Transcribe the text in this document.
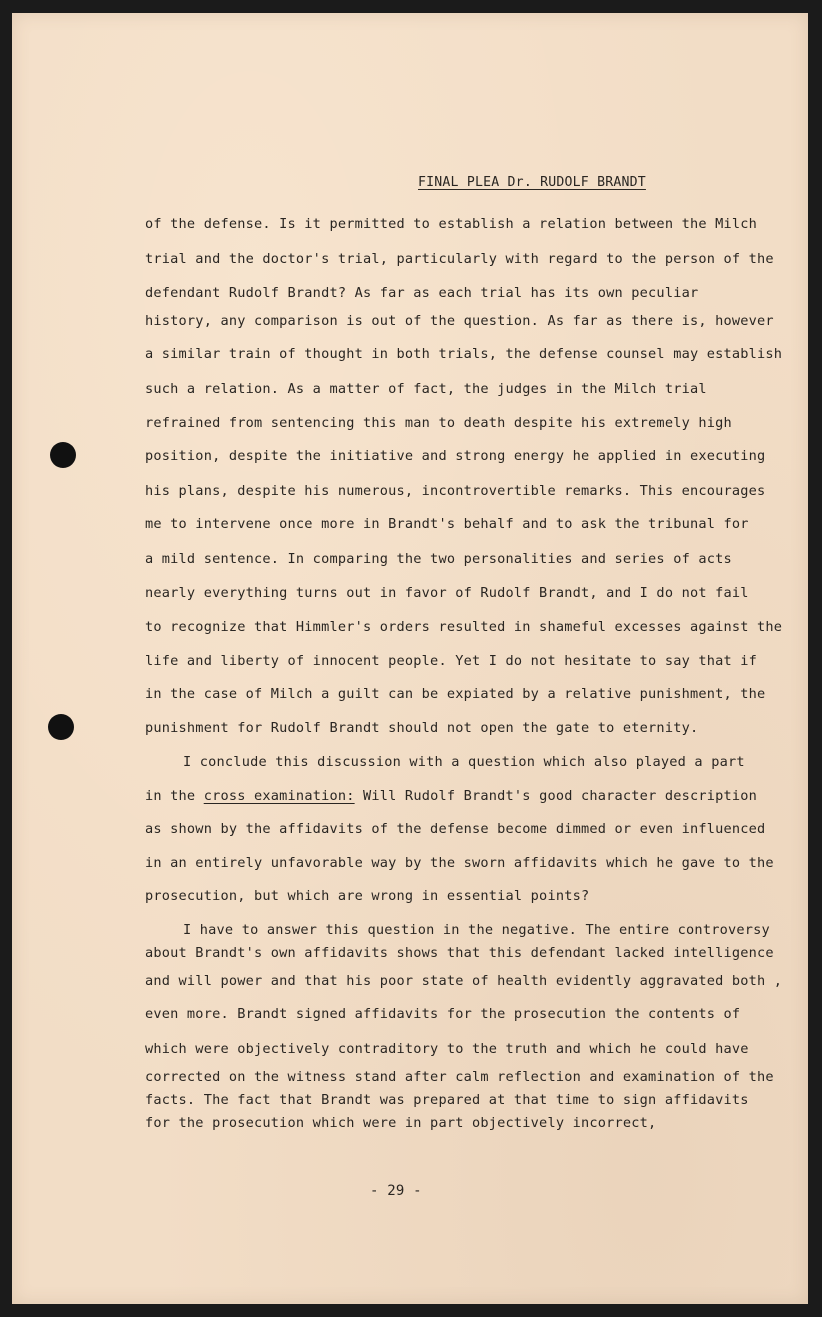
FINAL PLEA Dr. RUDOLF BRANDT
of the defense. Is it permitted to establish a relation between the Milch
trial and the doctor's trial, particularly with regard to the person of the
defendant Rudolf Brandt? As far as each trial has its own peculiar
history, any comparison is out of the question. As far as there is, however
a similar train of thought in both trials, the defense counsel may establish
such a relation. As a matter of fact, the judges in the Milch trial
refrained from sentencing this man to death despite his extremely high
position, despite the initiative and strong energy he applied in executing
his plans, despite his numerous, incontrovertible remarks. This encourages
me to intervene once more in Brandt's behalf and to ask the tribunal for
a mild sentence. In comparing the two personalities and series of acts
nearly everything turns out in favor of Rudolf Brandt, and I do not fail
to recognize that Himmler's orders resulted in shameful excesses against the
life and liberty of innocent people. Yet I do not hesitate to say that if
in the case of Milch a guilt can be expiated by a relative punishment, the
punishment for Rudolf Brandt should not open the gate to eternity.
I conclude this discussion with a question which also played a part
in the cross examination: Will Rudolf Brandt's good character description
as shown by the affidavits of the defense become dimmed or even influenced
in an entirely unfavorable way by the sworn affidavits which he gave to the
prosecution, but which are wrong in essential points?
I have to answer this question in the negative. The entire controversy
about Brandt's own affidavits shows that this defendant lacked intelligence
and will power and that his poor state of health evidently aggravated both ,
even more. Brandt signed affidavits for the prosecution the contents of
which were objectively contraditory to the truth and which he could have
corrected on the witness stand after calm reflection and examination of the
facts. The fact that Brandt was prepared at that time to sign affidavits
for the prosecution which were in part objectively incorrect,
- 29 -
